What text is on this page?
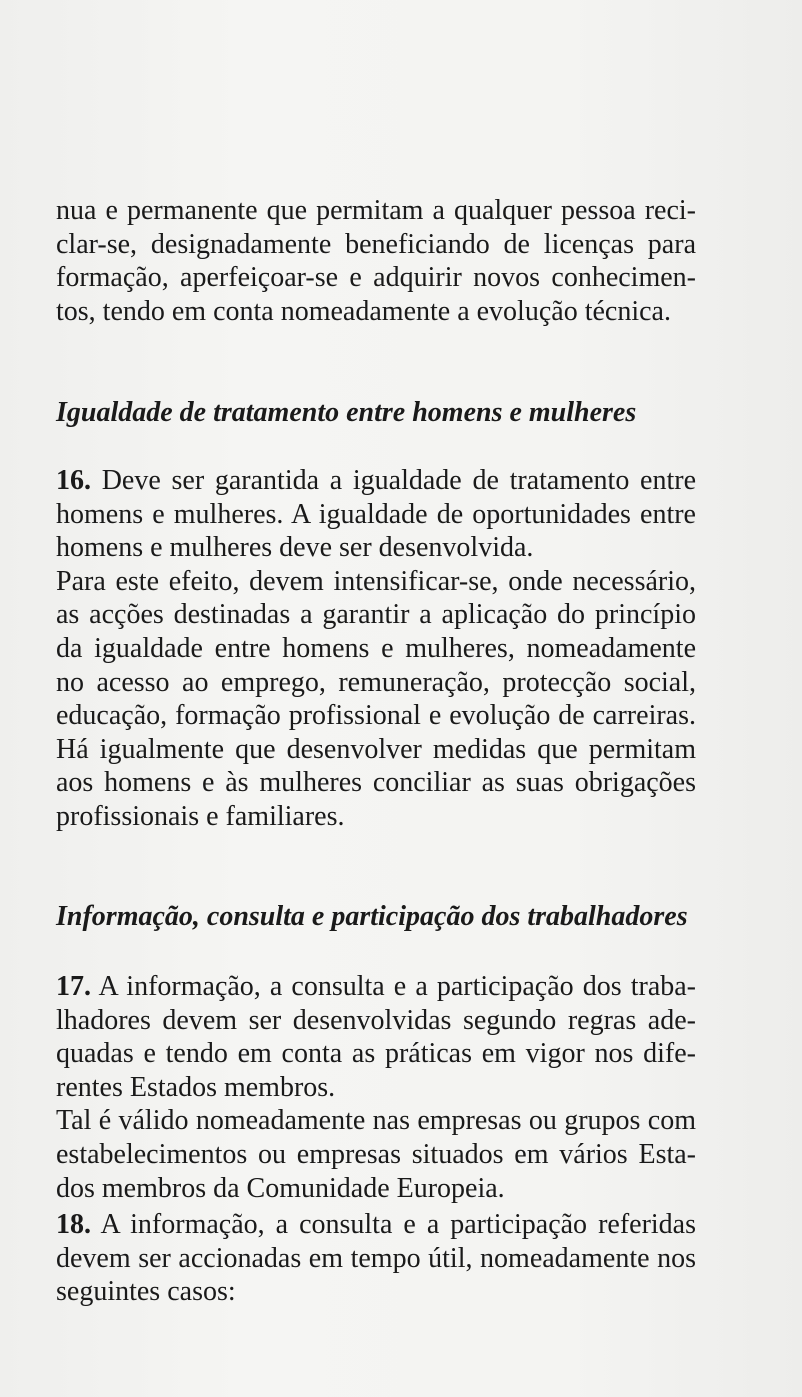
nua e permanente que permitam a qualquer pessoa reci-
clar-se, designadamente beneficiando de licenças para
formação, aperfeiçoar-se e adquirir novos conhecimen-
tos, tendo em conta nomeadamente a evolução técnica.
Igualdade de tratamento entre homens e mulheres
16. Deve ser garantida a igualdade de tratamento entre
homens e mulheres. A igualdade de oportunidades entre
homens e mulheres deve ser desenvolvida.
Para este efeito, devem intensificar-se, onde necessário,
as acções destinadas a garantir a aplicação do princípio
da igualdade entre homens e mulheres, nomeadamente
no acesso ao emprego, remuneração, protecção social,
educação, formação profissional e evolução de carreiras.
Há igualmente que desenvolver medidas que permitam
aos homens e às mulheres conciliar as suas obrigações
profissionais e familiares.
Informação, consulta e participação dos trabalhadores
17. A informação, a consulta e a participação dos traba-
lhadores devem ser desenvolvidas segundo regras ade-
quadas e tendo em conta as práticas em vigor nos dife-
rentes Estados membros.
Tal é válido nomeadamente nas empresas ou grupos com
estabelecimentos ou empresas situados em vários Esta-
dos membros da Comunidade Europeia.
18. A informação, a consulta e a participação referidas
devem ser accionadas em tempo útil, nomeadamente nos
seguintes casos:
